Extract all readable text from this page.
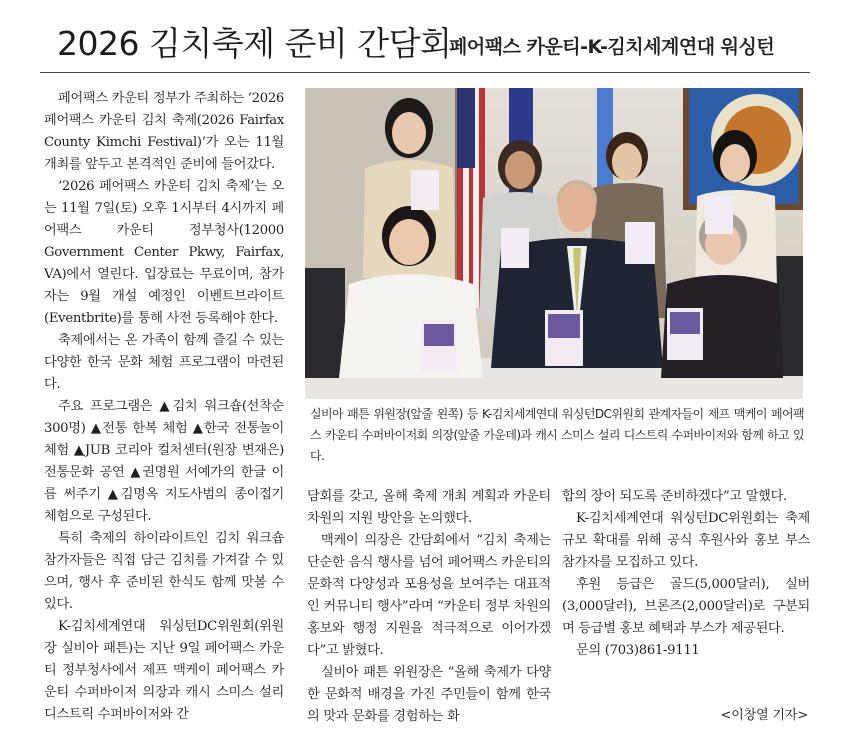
2026 김치축제 준비 간담회
페어팩스 카운티-K-김치세계연대 워싱턴

페어팩스 카운티 정부가 주최하는 ‘2026 페어팩스 카운티 김치 축제(2026 Fairfax County Kimchi Festival)’가 오는 11월 개최를 앞두고 본격적인 준비에 들어갔다.

‘2026 페어팩스 카운티 김치 축제’는 오는 11월 7일(토) 오후 1시부터 4시까지 페어팩스 카운티 정부청사(12000 Government Center Pkwy, Fairfax, VA)에서 열린다. 입장료는 무료이며, 참가자는 9월 개설 예정인 이벤트브라이트(Eventbrite)를 통해 사전 등록해야 한다.

축제에서는 온 가족이 함께 즐길 수 있는 다양한 한국 문화 체험 프로그램이 마련된다.

주요 프로그램은 ▲김치 워크숍(선착순 300명) ▲전통 한복 체험 ▲한국 전통놀이 체험 ▲JUB 코리아 컬처센터(원장 변재은) 전통문화 공연 ▲권명원 서예가의 한글 이름 써주기 ▲김명옥 지도사범의 종이접기 체험으로 구성된다.

특히 축제의 하이라이트인 김치 워크숍 참가자들은 직접 담근 김치를 가져갈 수 있으며, 행사 후 준비된 한식도 함께 맛볼 수 있다.

K-김치세계연대 워싱턴DC위원회(위원장 실비아 패튼)는 지난 9일 페어팩스 카운티 정부청사에서 제프 맥케이 페어팩스 카운티 수퍼바이저 의장과 캐시 스미스 설리 디스트릭 수퍼바이저와 간

실비아 패튼 위원장(앞줄 왼쪽) 등 K-김치세계연대 워싱턴DC위원회 관계자들이 제프 맥케이 페어팩스 카운티 수퍼바이저회 의장(앞줄 가운데)과 캐시 스미스 설리 디스트릭 수퍼바이저와 함께 하고 있다.

담회를 갖고, 올해 축제 개최 계획과 카운티 차원의 지원 방안을 논의했다.

맥케이 의장은 간담회에서 “김치 축제는 단순한 음식 행사를 넘어 페어팩스 카운티의 문화적 다양성과 포용성을 보여주는 대표적인 커뮤니티 행사”라며 “카운티 정부 차원의 홍보와 행정 지원을 적극적으로 이어가겠다”고 밝혔다.

실비아 패튼 위원장은 “올해 축제가 다양한 문화적 배경을 가진 주민들이 함께 한국의 맛과 문화를 경험하는 화

합의 장이 되도록 준비하겠다”고 말했다.

K-김치세계연대 워싱턴DC위원회는 축제 규모 확대를 위해 공식 후원사와 홍보 부스 참가자를 모집하고 있다.

후원 등급은 골드(5,000달러), 실버(3,000달러), 브론즈(2,000달러)로 구분되며 등급별 홍보 혜택과 부스가 제공된다.

문의 (703)861-9111

<이창열 기자>
